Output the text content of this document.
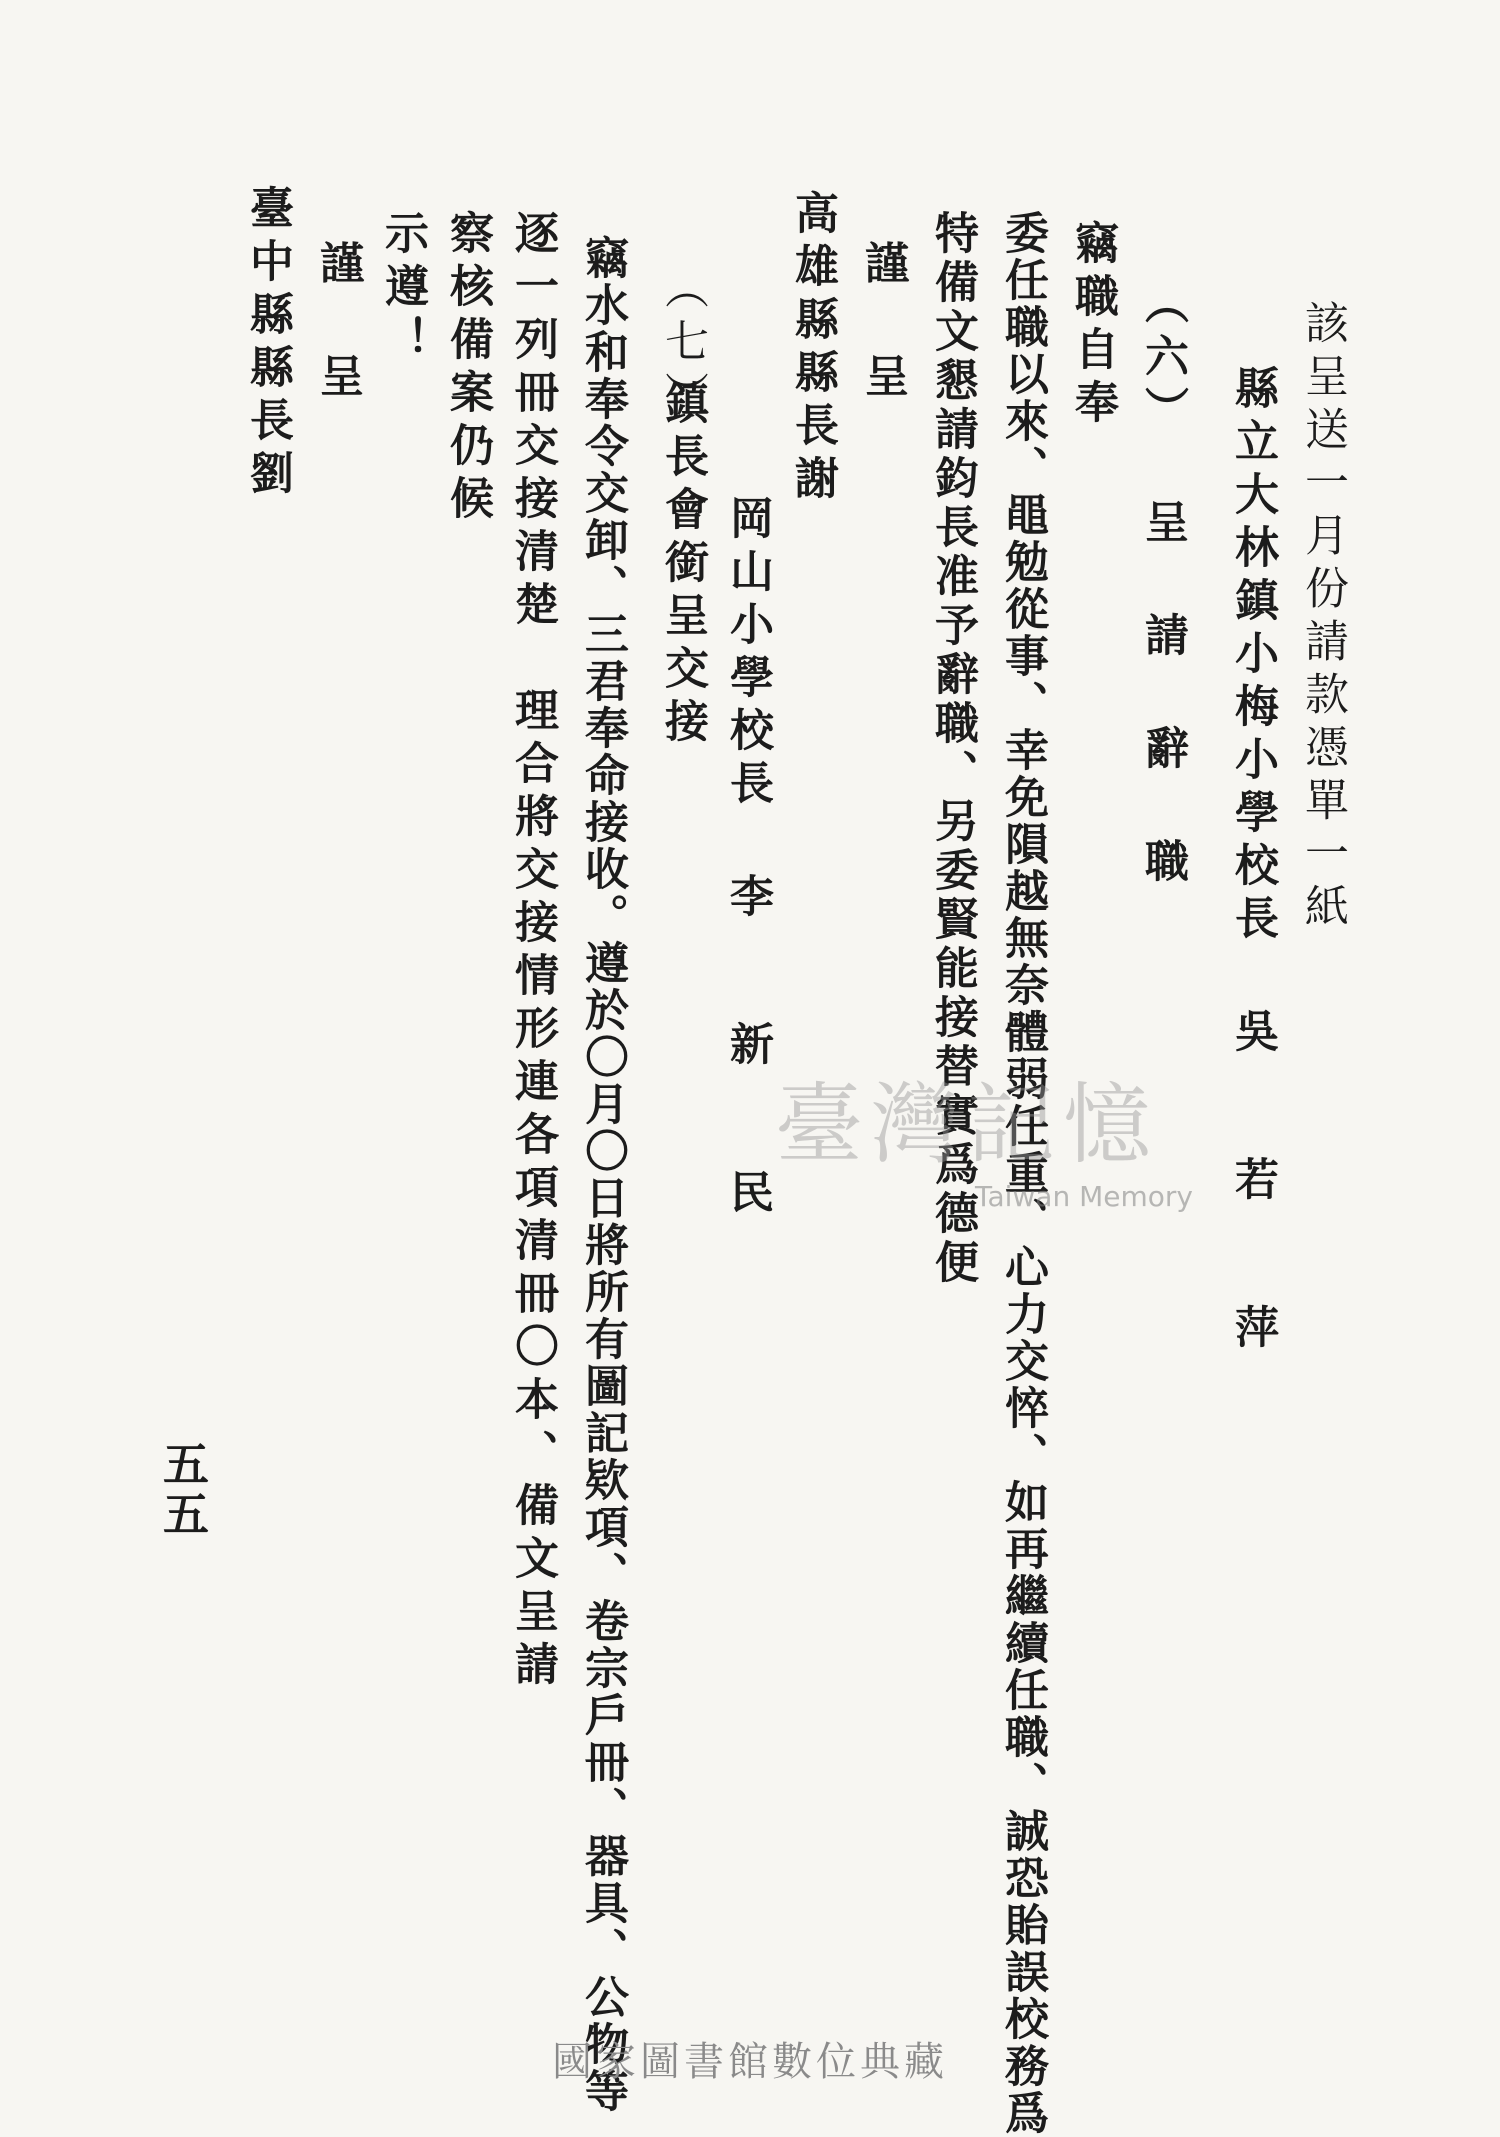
該呈送一月份請款憑單一紙
縣立大林鎮小梅小學校長吳若萍
竊職自奉 （六）呈請辭職
委任職以來、黽勉從事、幸免隕越無奈體弱任重、心力交悴、如再繼續任職、誠恐貽誤校務爲
特備文懇請鈞長准予辭職、另委賢能接替實爲德便
謹呈
高雄縣縣長謝
岡山小學校長李新民
（七）
鎮長會銜呈交接
竊水和奉令交卸、三君奉命接收。遵於〇月〇日將所有圖記欵項、卷宗戶冊、器具、公物等
逐一列冊交接清楚　理合將交接情形連各項清冊〇本、備文呈請
察核備案仍候
示遵！
謹呈
臺中縣縣長劉
五五
臺灣記憶
Taiwan Memory
國家圖書館數位典藏
